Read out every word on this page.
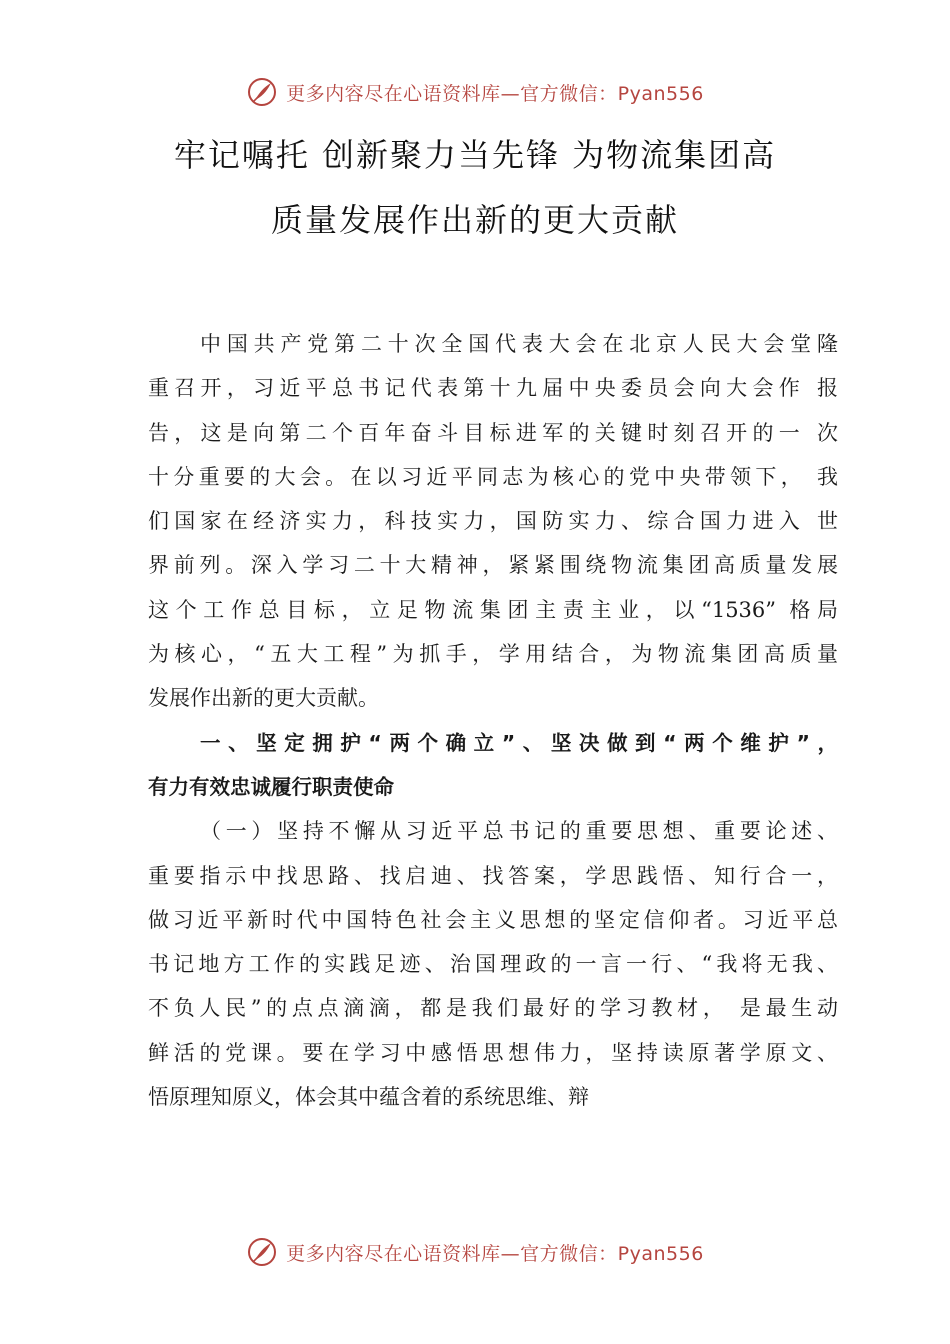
更多内容尽在心语资料库—官方微信：Pyan556
牢记嘱托 创新聚力当先锋 为物流集团高
质量发展作出新的更大贡献
中国共产党第二十次全国代表大会在北京人民大会堂隆
重召开，习近平总书记代表第十九届中央委员会向大会作 报
告，这是向第二个百年奋斗目标进军的关键时刻召开的一 次
十分重要的大会。在以习近平同志为核心的党中央带领下， 我
们国家在经济实力，科技实力，国防实力、综合国力进入 世
界前列。深入学习二十大精神，紧紧围绕物流集团高质量发展
这个工作总目标，立足物流集团主责主业，以“1536” 格局
为核心，“五大工程”为抓手，学用结合，为物流集团高质量
发展作出新的更大贡献。
一、坚定拥护“两个确立”、坚决做到“两个维护”，
有力有效忠诚履行职责使命
（一）坚持不懈从习近平总书记的重要思想、重要论述、
重要指示中找思路、找启迪、找答案，学思践悟、知行合一，
做习近平新时代中国特色社会主义思想的坚定信仰者。习近平总
书记地方工作的实践足迹、治国理政的一言一行、“我将无我、
不负人民”的点点滴滴，都是我们最好的学习教材， 是最生动
鲜活的党课。要在学习中感悟思想伟力，坚持读原著学原文、
悟原理知原义，体会其中蕴含着的系统思维、辩
更多内容尽在心语资料库—官方微信：Pyan556
